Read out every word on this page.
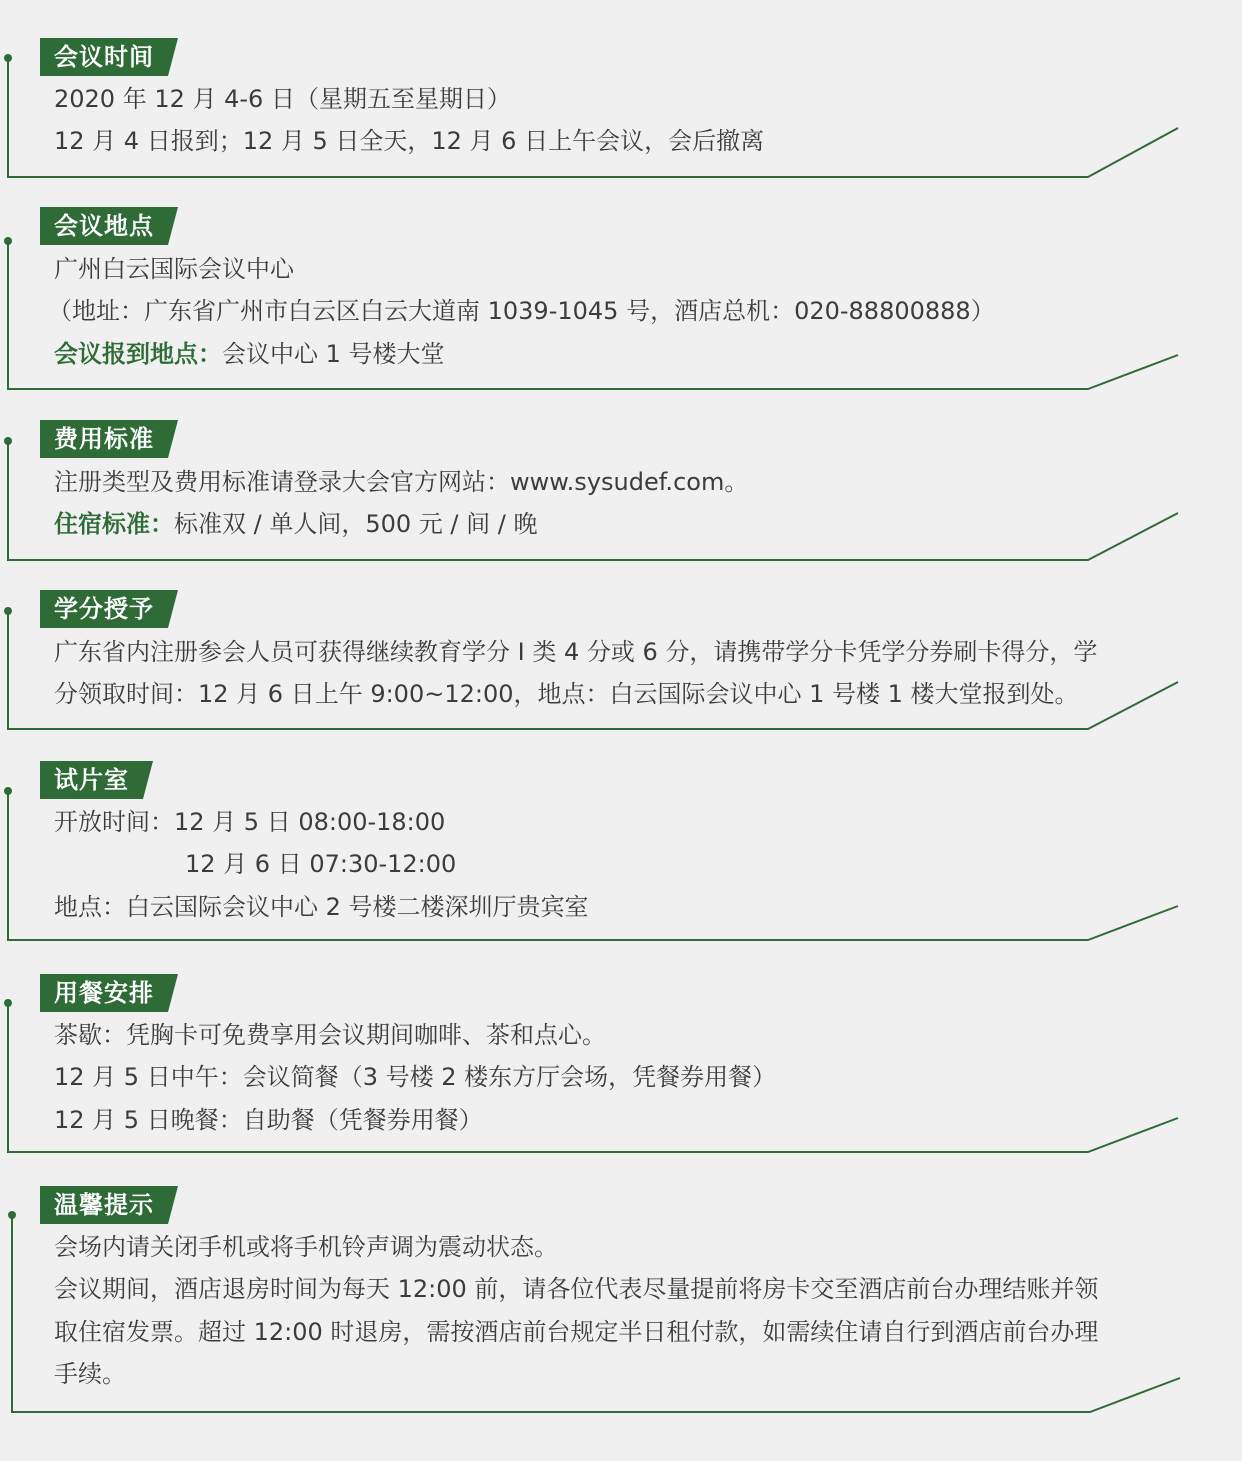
会议时间
2020 年 12 月 4-6 日（星期五至星期日）
12 月 4 日报到；12 月 5 日全天，12 月 6 日上午会议，会后撤离
会议地点
广州白云国际会议中心
（地址：广东省广州市白云区白云大道南 1039-1045 号，酒店总机：020-88800888）
会议报到地点：会议中心 1 号楼大堂
费用标准
注册类型及费用标准请登录大会官方网站：www.sysudef.com。
住宿标准：标准双 / 单人间，500 元 / 间 / 晚
学分授予
广东省内注册参会人员可获得继续教育学分 I 类 4 分或 6 分，请携带学分卡凭学分券刷卡得分，学
分领取时间：12 月 6 日上午 9:00~12:00，地点：白云国际会议中心 1 号楼 1 楼大堂报到处。
试片室
开放时间：12 月 5 日 08:00-18:00
12 月 6 日 07:30-12:00
地点：白云国际会议中心 2 号楼二楼深圳厅贵宾室
用餐安排
茶歇：凭胸卡可免费享用会议期间咖啡、茶和点心。
12 月 5 日中午：会议简餐（3 号楼 2 楼东方厅会场，凭餐券用餐）
12 月 5 日晚餐：自助餐（凭餐券用餐）
温馨提示
会场内请关闭手机或将手机铃声调为震动状态。
会议期间，酒店退房时间为每天 12:00 前，请各位代表尽量提前将房卡交至酒店前台办理结账并领
取住宿发票。超过 12:00 时退房，需按酒店前台规定半日租付款，如需续住请自行到酒店前台办理
手续。
